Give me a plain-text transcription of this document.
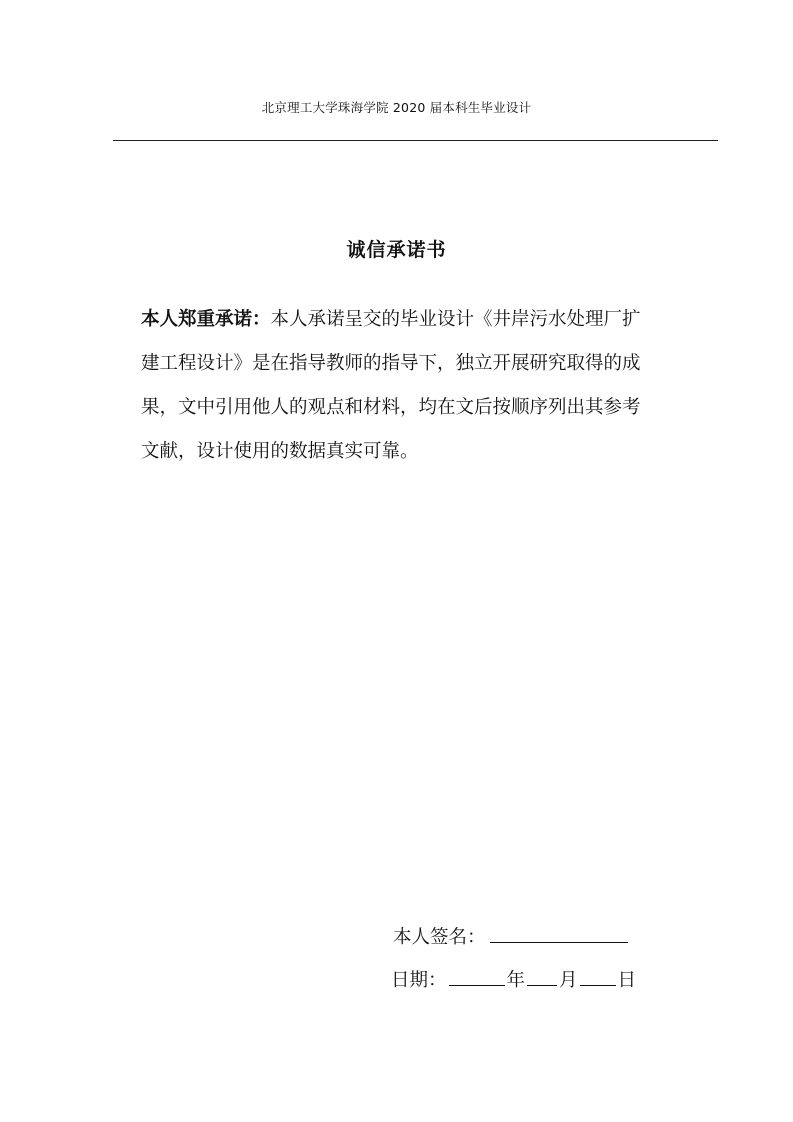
北京理工大学珠海学院 2020 届本科生毕业设计
诚信承诺书
本人郑重承诺：本人承诺呈交的毕业设计《井岸污水处理厂扩
建工程设计》是在指导教师的指导下，独立开展研究取得的成
果，文中引用他人的观点和材料，均在文后按顺序列出其参考
文献，设计使用的数据真实可靠。
本人签名：
日期：	年 月 日
